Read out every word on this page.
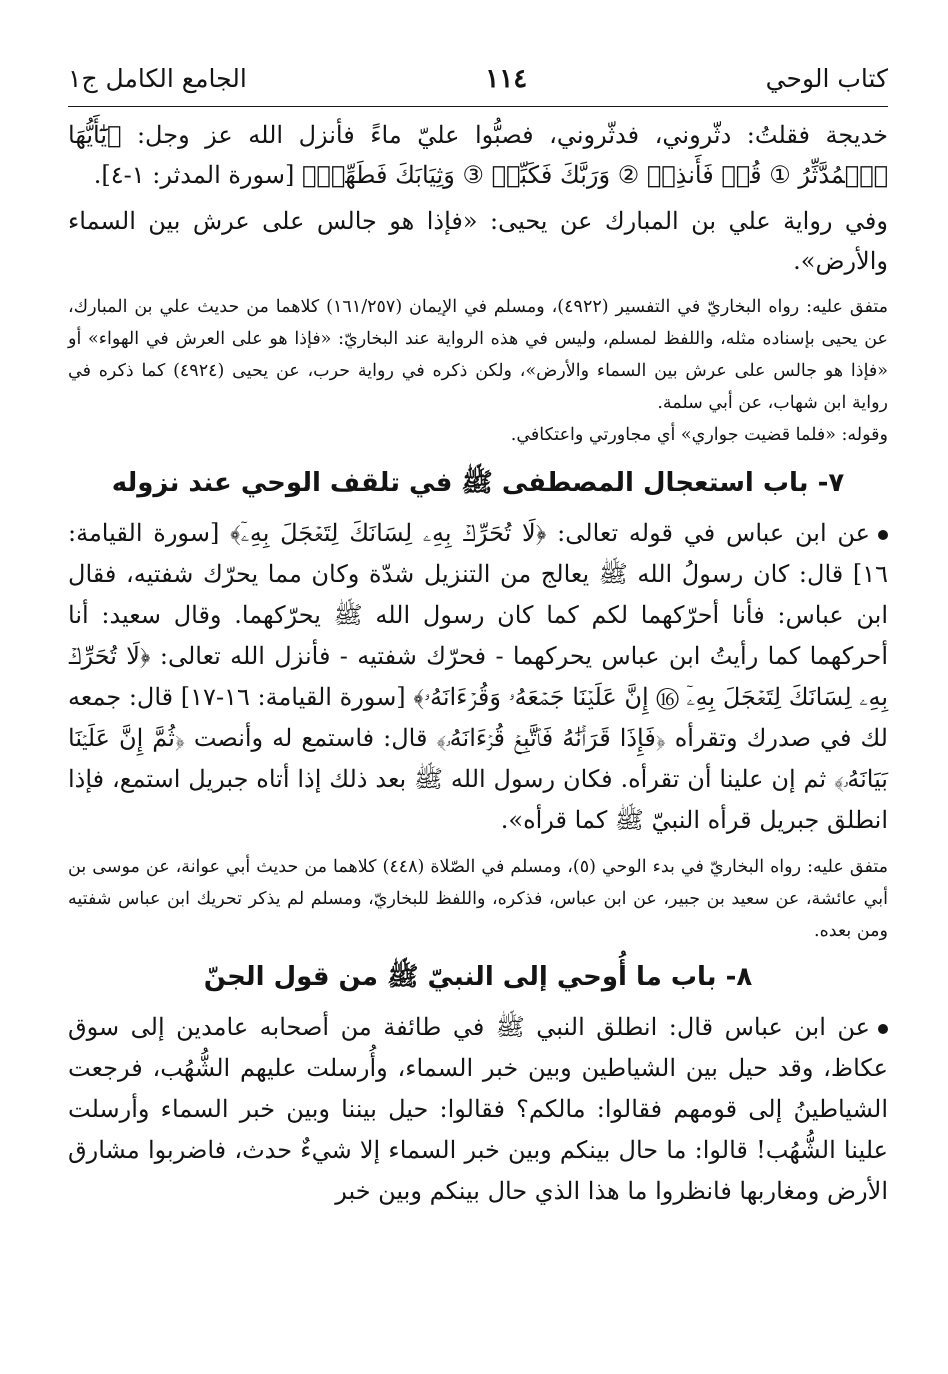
كتاب الوحي
١١٤
الجامع الكامل ج١

خديجة فقلتُ: دثّروني، فدثّروني، فصبُّوا عليّ ماءً فأنزل الله عز وجل: ﴿يَٰٓأَيُّهَا ٱلۡمُدَّثِّرُ ① قُمۡ فَأَنذِرۡ ② وَرَبَّكَ فَكَبِّرۡ ③ وَثِيَابَكَ فَطَهِّرۡ﴾ [سورة المدثر: ١-٤].

وفي رواية علي بن المبارك عن يحيى: «فإذا هو جالس على عرش بين السماء والأرض».

متفق عليه: رواه البخاريّ في التفسير (٤٩٢٢)، ومسلم في الإيمان (١٦١/٢٥٧) كلاهما من حديث علي بن المبارك، عن يحيى بإسناده مثله، واللفظ لمسلم، وليس في هذه الرواية عند البخاريّ: «فإذا هو على العرش في الهواء» أو «فإذا هو جالس على عرش بين السماء والأرض»، ولكن ذكره في رواية حرب، عن يحيى (٤٩٢٤) كما ذكره في رواية ابن شهاب، عن أبي سلمة.

وقوله: «فلما قضيت جواري» أي مجاورتي واعتكافي.

٧- باب استعجال المصطفى ﷺ في تلقف الوحي عند نزوله

عن ابن عباس في قوله تعالى: ﴿لَا تُحَرِّكۡ بِهِۦ لِسَانَكَ لِتَعۡجَلَ بِهِۦٓ﴾ [سورة القيامة: ١٦] قال: كان رسولُ الله ﷺ يعالج من التنزيل شدّة وكان مما يحرّك شفتيه، فقال ابن عباس: فأنا أحرّكهما لكم كما كان رسول الله ﷺ يحرّكهما. وقال سعيد: أنا أحركهما كما رأيتُ ابن عباس يحركهما - فحرّك شفتيه - فأنزل الله تعالى: ﴿لَا تُحَرِّكۡ بِهِۦ لِسَانَكَ لِتَعۡجَلَ بِهِۦٓ ⑯ إِنَّ عَلَيۡنَا جَمۡعَهُۥ وَقُرۡءَانَهُۥ﴾ [سورة القيامة: ١٦-١٧] قال: جمعه لك في صدرك وتقرأه ﴿فَإِذَا قَرَأۡنَٰهُ فَٱتَّبِعۡ قُرۡءَانَهُۥ﴾ قال: فاستمع له وأنصت ﴿ثُمَّ إِنَّ عَلَيۡنَا بَيَانَهُۥ﴾ ثم إن علينا أن تقرأه. فكان رسول الله ﷺ بعد ذلك إذا أتاه جبريل استمع، فإذا انطلق جبريل قرأه النبيّ ﷺ كما قرأه».

متفق عليه: رواه البخاريّ في بدء الوحي (٥)، ومسلم في الصّلاة (٤٤٨) كلاهما من حديث أبي عوانة، عن موسى بن أبي عائشة، عن سعيد بن جبير، عن ابن عباس، فذكره، واللفظ للبخاريّ، ومسلم لم يذكر تحريك ابن عباس شفتيه ومن بعده.

٨- باب ما أُوحي إلى النبيّ ﷺ من قول الجنّ

عن ابن عباس قال: انطلق النبي ﷺ في طائفة من أصحابه عامدين إلى سوق عكاظ، وقد حيل بين الشياطين وبين خبر السماء، وأُرسلت عليهم الشُّهُب، فرجعت الشياطينُ إلى قومهم فقالوا: مالكم؟ فقالوا: حيل بيننا وبين خبر السماء وأرسلت علينا الشُّهُب! قالوا: ما حال بينكم وبين خبر السماء إلا شيءٌ حدث، فاضربوا مشارق الأرض ومغاربها فانظروا ما هذا الذي حال بينكم وبين خبر
